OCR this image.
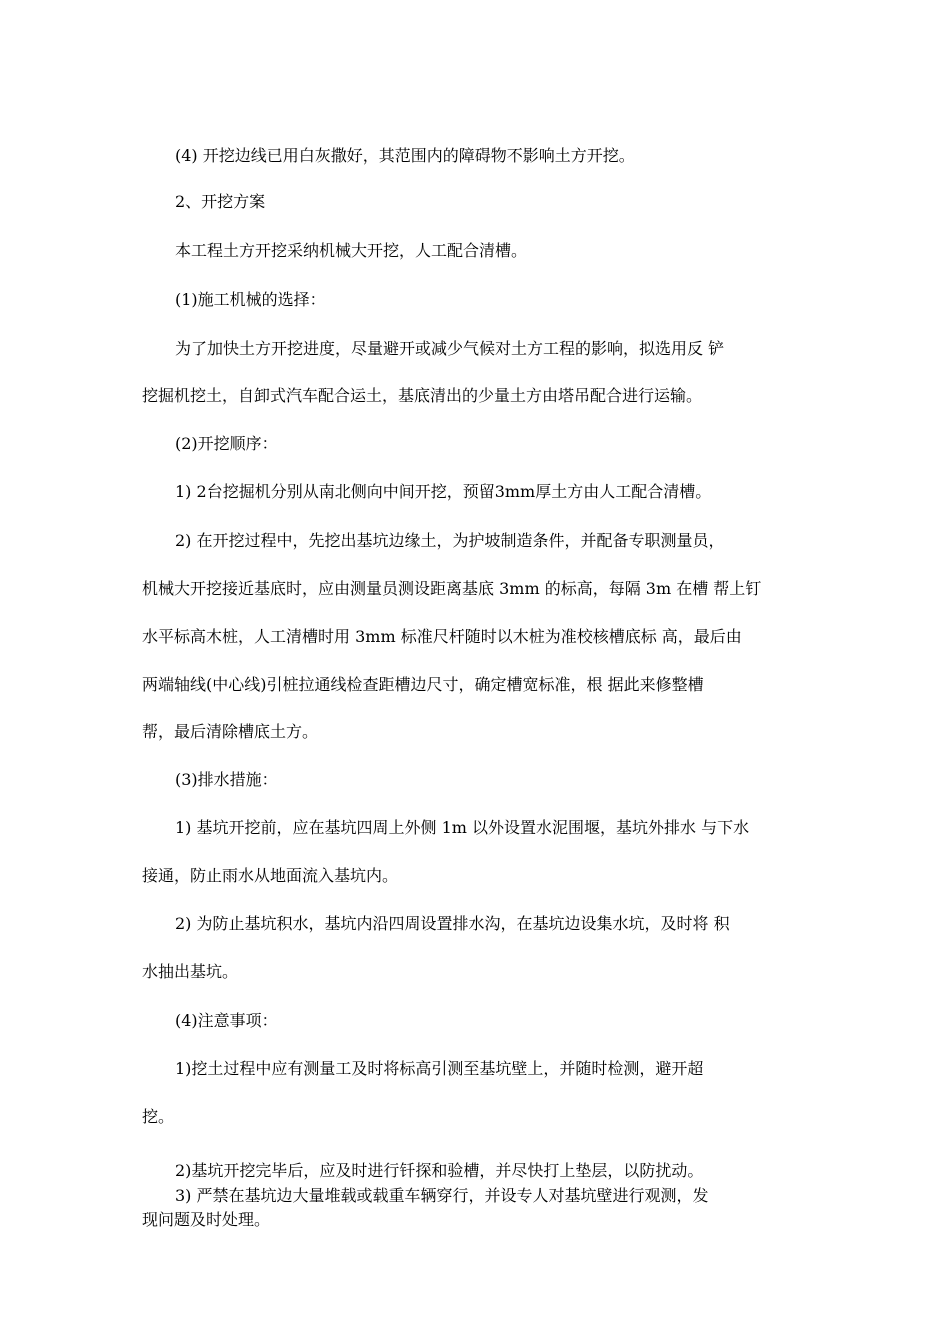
(4) 开挖边线已用白灰撒好，其范围内的障碍物不影响土方开挖。

2、开挖方案

本工程土方开挖采纳机械大开挖，人工配合清槽。

(1)施工机械的选择：

为了加快土方开挖进度，尽量避开或减少气候对土方工程的影响，拟选用反 铲

挖掘机挖土，自卸式汽车配合运土，基底清出的少量土方由塔吊配合进行运输。

(2)开挖顺序：

1) 2台挖掘机分别从南北侧向中间开挖，预留3mm厚土方由人工配合清槽。

2) 在开挖过程中，先挖出基坑边缘土，为护坡制造条件，并配备专职测量员，

机械大开挖接近基底时，应由测量员测设距离基底 3mm 的标高，每隔 3m 在槽 帮上钉

水平标高木桩，人工清槽时用 3mm 标准尺杆随时以木桩为准校核槽底标 高，最后由

两端轴线(中心线)引桩拉通线检查距槽边尺寸，确定槽宽标准，根 据此来修整槽

帮，最后清除槽底土方。

(3)排水措施：

1) 基坑开挖前，应在基坑四周上外侧 1m 以外设置水泥围堰，基坑外排水 与下水

接通，防止雨水从地面流入基坑内。

2) 为防止基坑积水，基坑内沿四周设置排水沟，在基坑边设集水坑，及时将 积

水抽出基坑。

(4)注意事项：

1)挖土过程中应有测量工及时将标高引测至基坑壁上，并随时检测，避开超

挖。

2)基坑开挖完毕后，应及时进行钎探和验槽，并尽快打上垫层，以防扰动。

3) 严禁在基坑边大量堆载或载重车辆穿行，并设专人对基坑壁进行观测，发

现问题及时处理。
